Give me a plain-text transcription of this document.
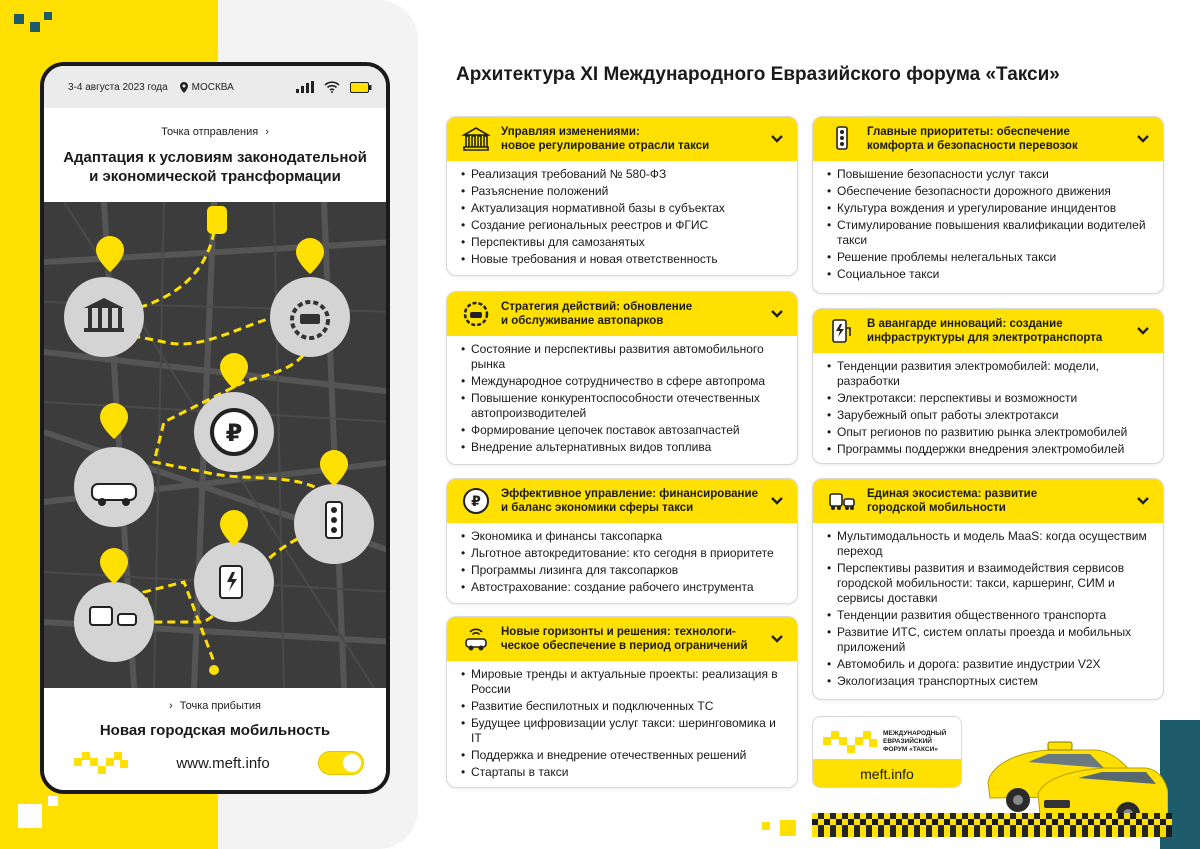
3-4 августа 2023 года МОСКВА
Точка отправления ›
Адаптация к условиям законодательной
и экономической трансформации
₽
› Точка прибытия
Новая городская мобильность
www.meft.info
Архитектура XI Международного Евразийского форума «Такси»
Управляя изменениями:
новое регулирование отрасли такси
• Реализация требований № 580-ФЗ
• Разъяснение положений
• Актуализация нормативной базы в субъектах
• Создание региональных реестров и ФГИС
• Перспективы для самозанятых
• Новые требования и новая ответственность
Стратегия действий: обновление
и обслуживание автопарков
• Состояние и перспективы развития автомобильного рынка
• Международное сотрудничество в сфере автопрома
• Повышение конкурентоспособности отечественных автопроизводителей
• Формирование цепочек поставок автозапчастей
• Внедрение альтернативных видов топлива
₽ Эффективное управление: финансирование
и баланс экономики сферы такси
• Экономика и финансы таксопарка
• Льготное автокредитование: кто сегодня в приоритете
• Программы лизинга для таксопарков
• Автострахование: создание рабочего инструмента
Новые горизонты и решения: технологи-
ческое обеспечение в период ограничений
• Мировые тренды и актуальные проекты: реализация в России
• Развитие беспилотных и подключенных ТС
• Будущее цифровизации услуг такси: шеринговомика и IT
• Поддержка и внедрение отечественных решений
• Стартапы в такси
Главные приоритеты: обеспечение
комфорта и безопасности перевозок
• Повышение безопасности услуг такси
• Обеспечение безопасности дорожного движения
• Культура вождения и урегулирование инцидентов
• Стимулирование повышения квалификации водителей такси
• Решение проблемы нелегальных такси
• Социальное такси
В авангарде инноваций: создание
инфраструктуры для электротранспорта
• Тенденции развития электромобилей: модели, разработки
• Электротакси: перспективы и возможности
• Зарубежный опыт работы электротакси
• Опыт регионов по развитию рынка электромобилей
• Программы поддержки внедрения электромобилей
Единая экосистема: развитие
городской мобильности
• Мультимодальность и модель MaaS: когда осуществим переход
• Перспективы развития и взаимодействия сервисов городской мобильности: такси, каршеринг, СИМ и сервисы доставки
• Тенденции развития общественного транспорта
• Развитие ИТС, систем оплаты проезда и мобильных приложений
• Автомобиль и дорога: развитие индустрии V2X
• Экологизация транспортных систем
МЕЖДУНАРОДНЫЙ
ЕВРАЗИЙСКИЙ
ФОРУМ «ТАКСИ»
meft.info
